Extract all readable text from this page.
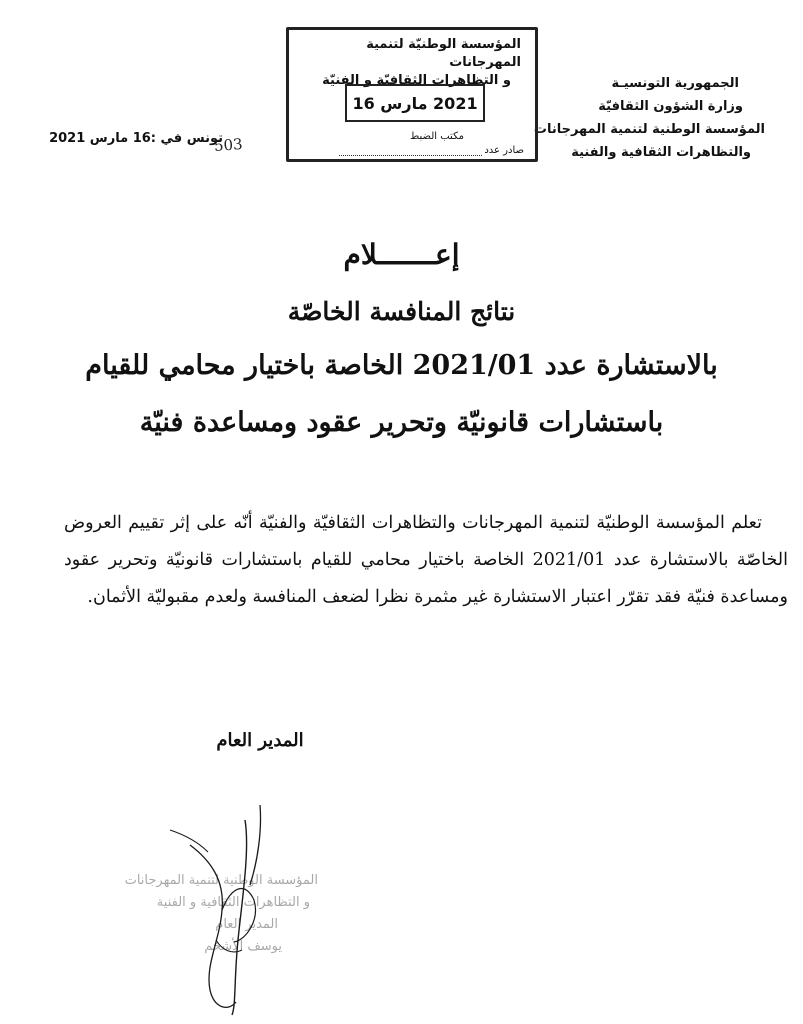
الجمهورية التونسيـة
وزارة الشؤون الثقافيّة
المؤسسة الوطنية لتنمية المهرجانات
والتظاهرات الثقافية والفنية
تونس في :16 مارس 2021
المؤسسة الوطنيّة لتنمية المهرجانات
و التظاهرات الثقافيّة و الفنيّة
2021 مارس 16
مكتب الضبط
صادر عدد
503
إعـــــــلام
نتائج المنافسة الخاصّة
بالاستشارة عدد 2021/01 الخاصة باختيار محامي للقيام
باستشارات قانونيّة وتحرير عقود ومساعدة فنيّة
تعلم المؤسسة الوطنيّة لتنمية المهرجانات والتظاهرات الثقافيّة والفنيّة أنّه على إثر تقييم العروض الخاصّة بالاستشارة عدد 2021/01 الخاصة باختيار محامي للقيام باستشارات قانونيّة وتحرير عقود ومساعدة فنيّة فقد تقرّر اعتبار الاستشارة غير مثمرة نظرا لضعف المنافسة ولعدم مقبوليّة الأثمان.
المدير العام
المؤسسة الوطنية لتنمية المهرجانات
و التظاهرات الثقافية و الفنية
المدير العام
يوسف الأشخم
